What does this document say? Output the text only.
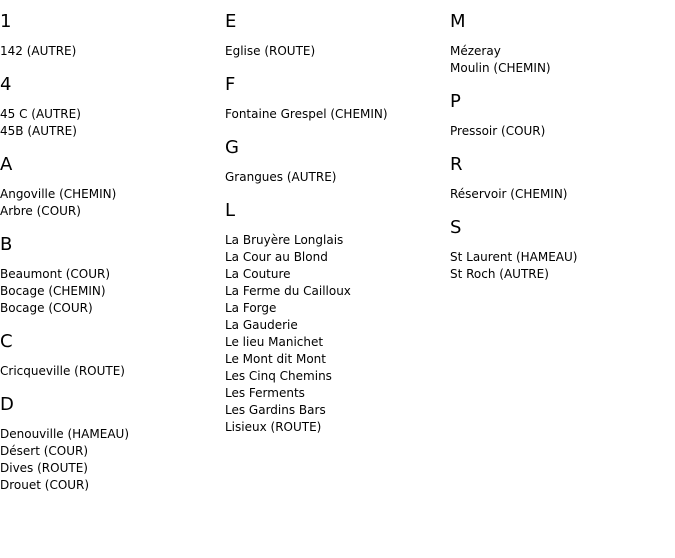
1
142 (AUTRE)
4
45 C (AUTRE)
45B (AUTRE)
A
Angoville (CHEMIN)
Arbre (COUR)
B
Beaumont (COUR)
Bocage (CHEMIN)
Bocage (COUR)
C
Cricqueville (ROUTE)
D
Denouville (HAMEAU)
Désert (COUR)
Dives (ROUTE)
Drouet (COUR)
E
Eglise (ROUTE)
F
Fontaine Grespel (CHEMIN)
G
Grangues (AUTRE)
L
La Bruyère Longlais
La Cour au Blond
La Couture
La Ferme du Cailloux
La Forge
La Gauderie
Le lieu Manichet
Le Mont dit Mont
Les Cinq Chemins
Les Ferments
Les Gardins Bars
Lisieux (ROUTE)
M
Mézeray
Moulin (CHEMIN)
P
Pressoir (COUR)
R
Réservoir (CHEMIN)
S
St Laurent (HAMEAU)
St Roch (AUTRE)
